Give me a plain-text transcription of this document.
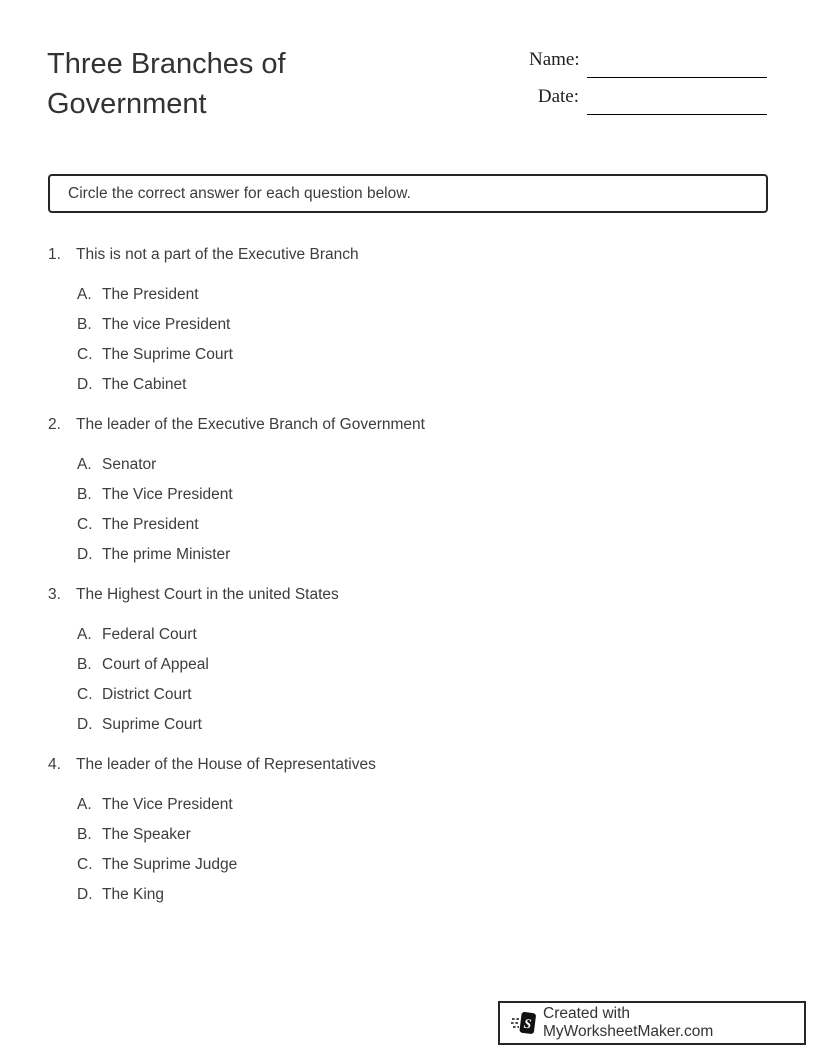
Three Branches of
Government
Name:
Date:
Circle the correct answer for each question below.
1. This is not a part of the Executive Branch
A. The President
B. The vice President
C. The Suprime Court
D. The Cabinet
2. The leader of the Executive Branch of Government
A. Senator
B. The Vice President
C. The President
D. The prime Minister
3. The Highest Court in the united States
A. Federal Court
B. Court of Appeal
C. District Court
D. Suprime Court
4. The leader of the House of Representatives
A. The Vice President
B. The Speaker
C. The Suprime Judge
D. The King
S
Created with MyWorksheetMaker.com
